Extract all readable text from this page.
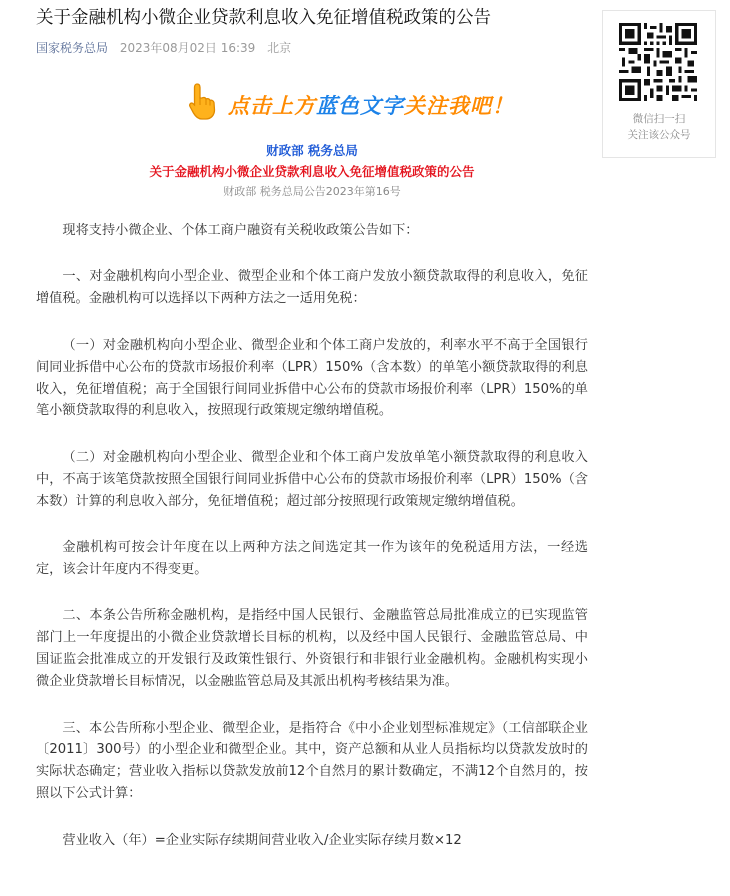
关于金融机构小微企业贷款利息收入免征增值税政策的公告
国家税务总局 2023年08月02日 16:39 北京
点击上方蓝色文字关注我吧！
财政部 税务总局
关于金融机构小微企业贷款利息收入免征增值税政策的公告
财政部 税务总局公告2023年第16号

现将支持小微企业、个体工商户融资有关税收政策公告如下：

一、对金融机构向小型企业、微型企业和个体工商户发放小额贷款取得的利息收入，免征增值税。金融机构可以选择以下两种方法之一适用免税：

（一）对金融机构向小型企业、微型企业和个体工商户发放的，利率水平不高于全国银行间同业拆借中心公布的贷款市场报价利率（LPR）150%（含本数）的单笔小额贷款取得的利息收入，免征增值税；高于全国银行间同业拆借中心公布的贷款市场报价利率（LPR）150%的单笔小额贷款取得的利息收入，按照现行政策规定缴纳增值税。

（二）对金融机构向小型企业、微型企业和个体工商户发放单笔小额贷款取得的利息收入中，不高于该笔贷款按照全国银行间同业拆借中心公布的贷款市场报价利率（LPR）150%（含本数）计算的利息收入部分，免征增值税；超过部分按照现行政策规定缴纳增值税。

金融机构可按会计年度在以上两种方法之间选定其一作为该年的免税适用方法，一经选定，该会计年度内不得变更。

二、本条公告所称金融机构，是指经中国人民银行、金融监管总局批准成立的已实现监管部门上一年度提出的小微企业贷款增长目标的机构，以及经中国人民银行、金融监管总局、中国证监会批准成立的开发银行及政策性银行、外资银行和非银行业金融机构。金融机构实现小微企业贷款增长目标情况，以金融监管总局及其派出机构考核结果为准。

三、本公告所称小型企业、微型企业，是指符合《中小企业划型标准规定》（工信部联企业〔2011〕300号）的小型企业和微型企业。其中，资产总额和从业人员指标均以贷款发放时的实际状态确定；营业收入指标以贷款发放前12个自然月的累计数确定，不满12个自然月的，按照以下公式计算：

营业收入（年）=企业实际存续期间营业收入/企业实际存续月数×12

微信扫一扫
关注该公众号
